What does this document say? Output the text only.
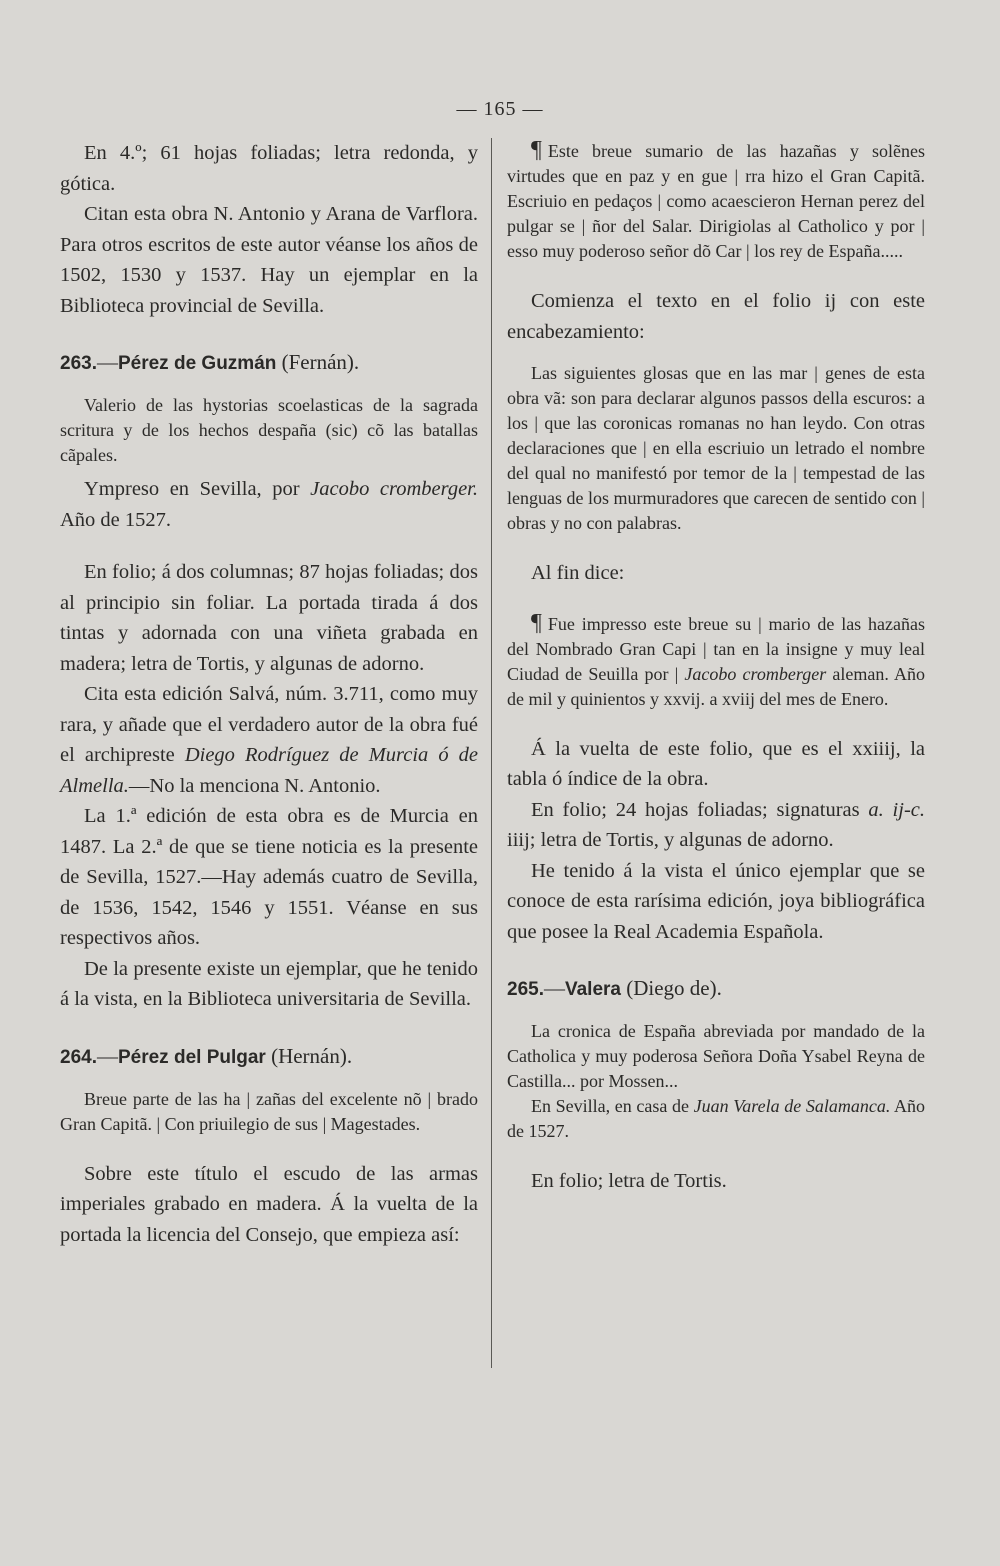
— 165 —

En 4.º; 61 hojas foliadas; letra redonda, y gótica.

Citan esta obra N. Antonio y Arana de Varflora. Para otros escritos de este autor véanse los años de 1502, 1530 y 1537. Hay un ejemplar en la Biblioteca provincial de Sevilla.

263.—Pérez de Guzmán (Fernán).

Valerio de las hystorias scoelasticas de la sagrada scritura y de los hechos despaña (sic) cõ las batallas cãpales.

Ympreso en Sevilla, por Jacobo cromberger. Año de 1527.

En folio; á dos columnas; 87 hojas foliadas; dos al principio sin foliar. La portada tirada á dos tintas y adornada con una viñeta grabada en madera; letra de Tortis, y algunas de adorno.

Cita esta edición Salvá, núm. 3.711, como muy rara, y añade que el verdadero autor de la obra fué el archipreste Diego Rodríguez de Murcia ó de Almella.—No la menciona N. Antonio.

La 1.ª edición de esta obra es de Murcia en 1487. La 2.ª de que se tiene noticia es la presente de Sevilla, 1527.—Hay además cuatro de Sevilla, de 1536, 1542, 1546 y 1551. Véanse en sus respectivos años.

De la presente existe un ejemplar, que he tenido á la vista, en la Biblioteca universitaria de Sevilla.

264.—Pérez del Pulgar (Hernán).

Breue parte de las ha | zañas del excelente nõ | brado Gran Capitã. | Con priuilegio de sus | Magestades.

Sobre este título el escudo de las armas imperiales grabado en madera. Á la vuelta de la portada la licencia del Consejo, que empieza así:

¶ Este breue sumario de las hazañas y solẽnes virtudes que en paz y en gue | rra hizo el Gran Capitã. Escriuio en pedaços | como acaescieron Hernan perez del pulgar se | ñor del Salar. Dirigiolas al Catholico y por | esso muy poderoso señor dõ Car | los rey de España.....

Comienza el texto en el folio ij con este encabezamiento:

Las siguientes glosas que en las mar | genes de esta obra vã: son para declarar algunos passos della escuros: a los | que las coronicas romanas no han leydo. Con otras declaraciones que | en ella escriuio un letrado el nombre del qual no manifestó por temor de la | tempestad de las lenguas de los murmuradores que carecen de sentido con | obras y no con palabras.

Al fin dice:

¶ Fue impresso este breue su | mario de las hazañas del Nombrado Gran Capi | tan en la insigne y muy leal Ciudad de Seuilla por | Jacobo cromberger aleman. Año de mil y quinientos y xxvij. a xviij del mes de Enero.

Á la vuelta de este folio, que es el xxiiij, la tabla ó índice de la obra.

En folio; 24 hojas foliadas; signaturas a. ij-c. iiij; letra de Tortis, y algunas de adorno.

He tenido á la vista el único ejemplar que se conoce de esta rarísima edición, joya bibliográfica que posee la Real Academia Española.

265.—Valera (Diego de).

La cronica de España abreviada por mandado de la Catholica y muy poderosa Señora Doña Ysabel Reyna de Castilla... por Mossen...

En Sevilla, en casa de Juan Varela de Salamanca. Año de 1527.

En folio; letra de Tortis.
